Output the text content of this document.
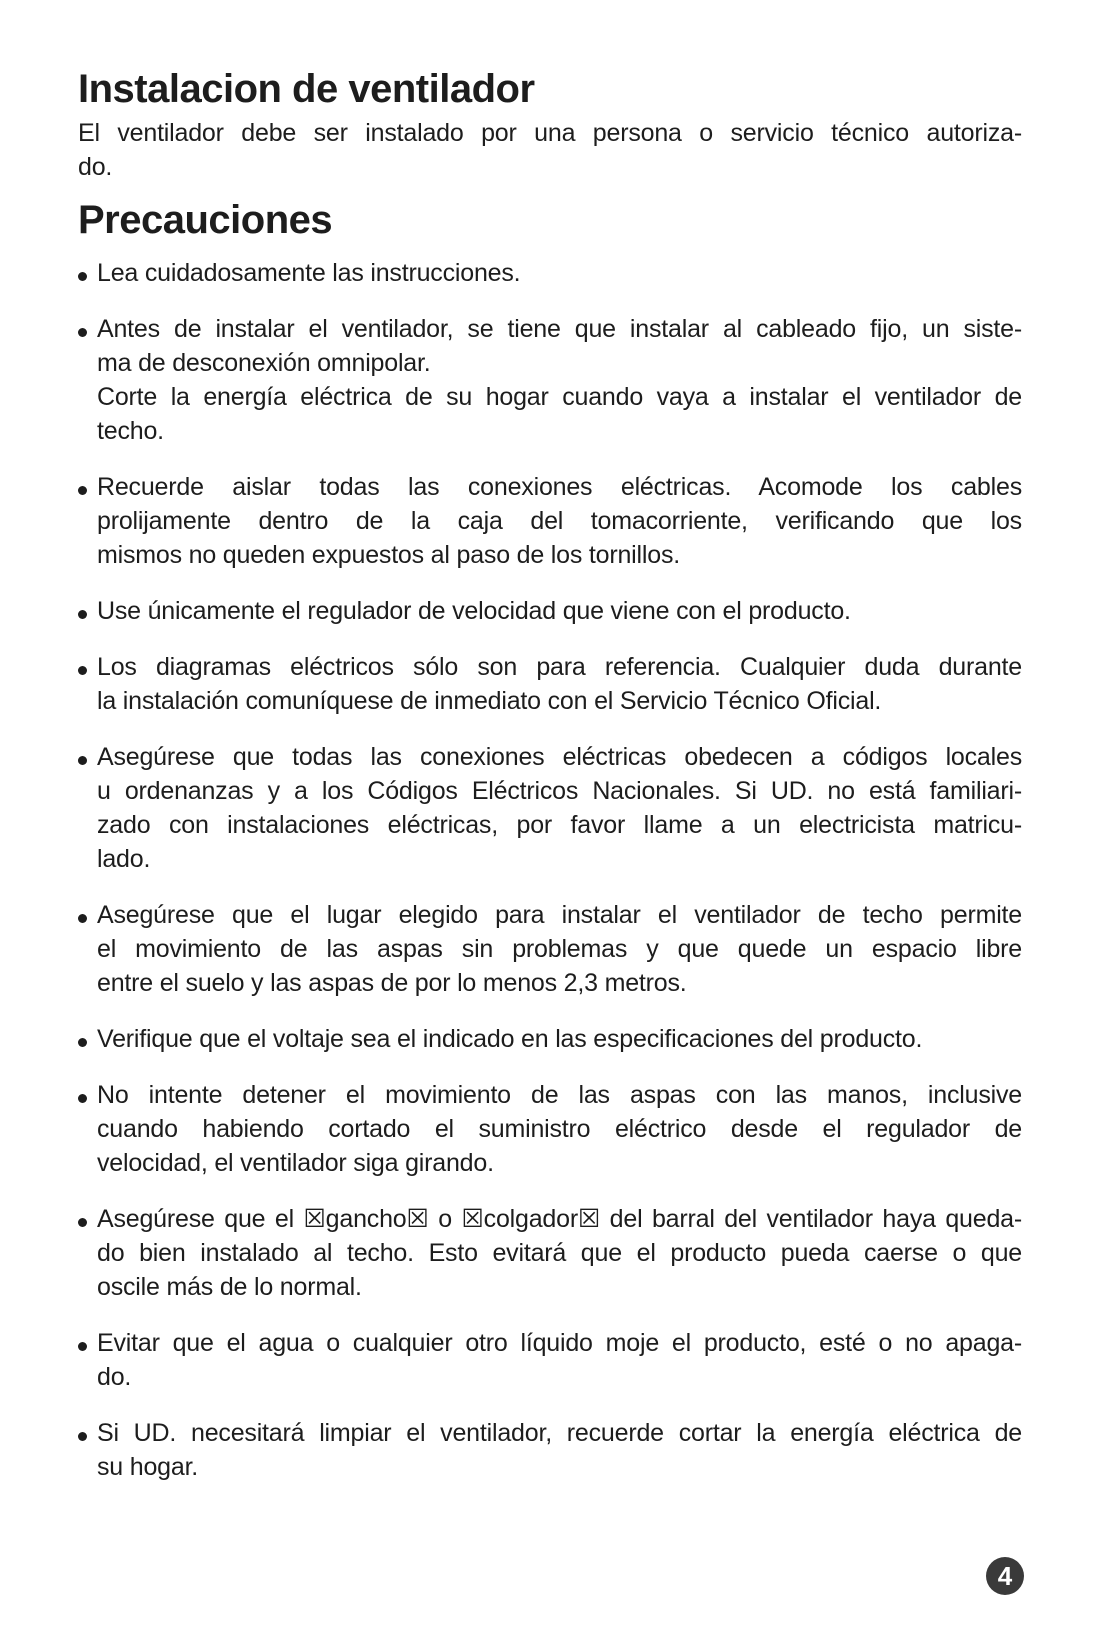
Instalacion de ventilador
El ventilador debe ser instalado por una persona o servicio técnico autoriza-
do.
Precauciones
Lea cuidadosamente las instrucciones.
Antes de instalar el ventilador, se tiene que instalar al cableado fijo, un siste-
ma de desconexión omnipolar.
Corte la energía eléctrica de su hogar cuando vaya a instalar el ventilador de
techo.
Recuerde aislar todas las conexiones eléctricas. Acomode los cables
prolijamente dentro de la caja del tomacorriente, verificando que los
mismos no queden expuestos al paso de los tornillos.
Use únicamente el regulador de velocidad que viene con el producto.
Los diagramas eléctricos sólo son para referencia. Cualquier duda durante
la instalación comuníquese de inmediato con el Servicio Técnico Oficial.
Asegúrese que todas las conexiones eléctricas obedecen a códigos locales
u ordenanzas y a los Códigos Eléctricos Nacionales. Si UD. no está familiari-
zado con instalaciones eléctricas, por favor llame a un electricista matricu-
lado.
Asegúrese que el lugar elegido para instalar el ventilador de techo permite
el movimiento de las aspas sin problemas y que quede un espacio libre
entre el suelo y las aspas de por lo menos 2,3 metros.
Verifique que el voltaje sea el indicado en las especificaciones del producto.
No intente detener el movimiento de las aspas con las manos, inclusive
cuando habiendo cortado el suministro eléctrico desde el regulador de
velocidad, el ventilador siga girando.
Asegúrese que el ☒gancho☒ o ☒colgador☒ del barral del ventilador haya queda-
do bien instalado al techo. Esto evitará que el producto pueda caerse o que
oscile más de lo normal.
Evitar que el agua o cualquier otro líquido moje el producto, esté o no apaga-
do.
Si UD. necesitará limpiar el ventilador, recuerde cortar la energía eléctrica de
su hogar.
4
